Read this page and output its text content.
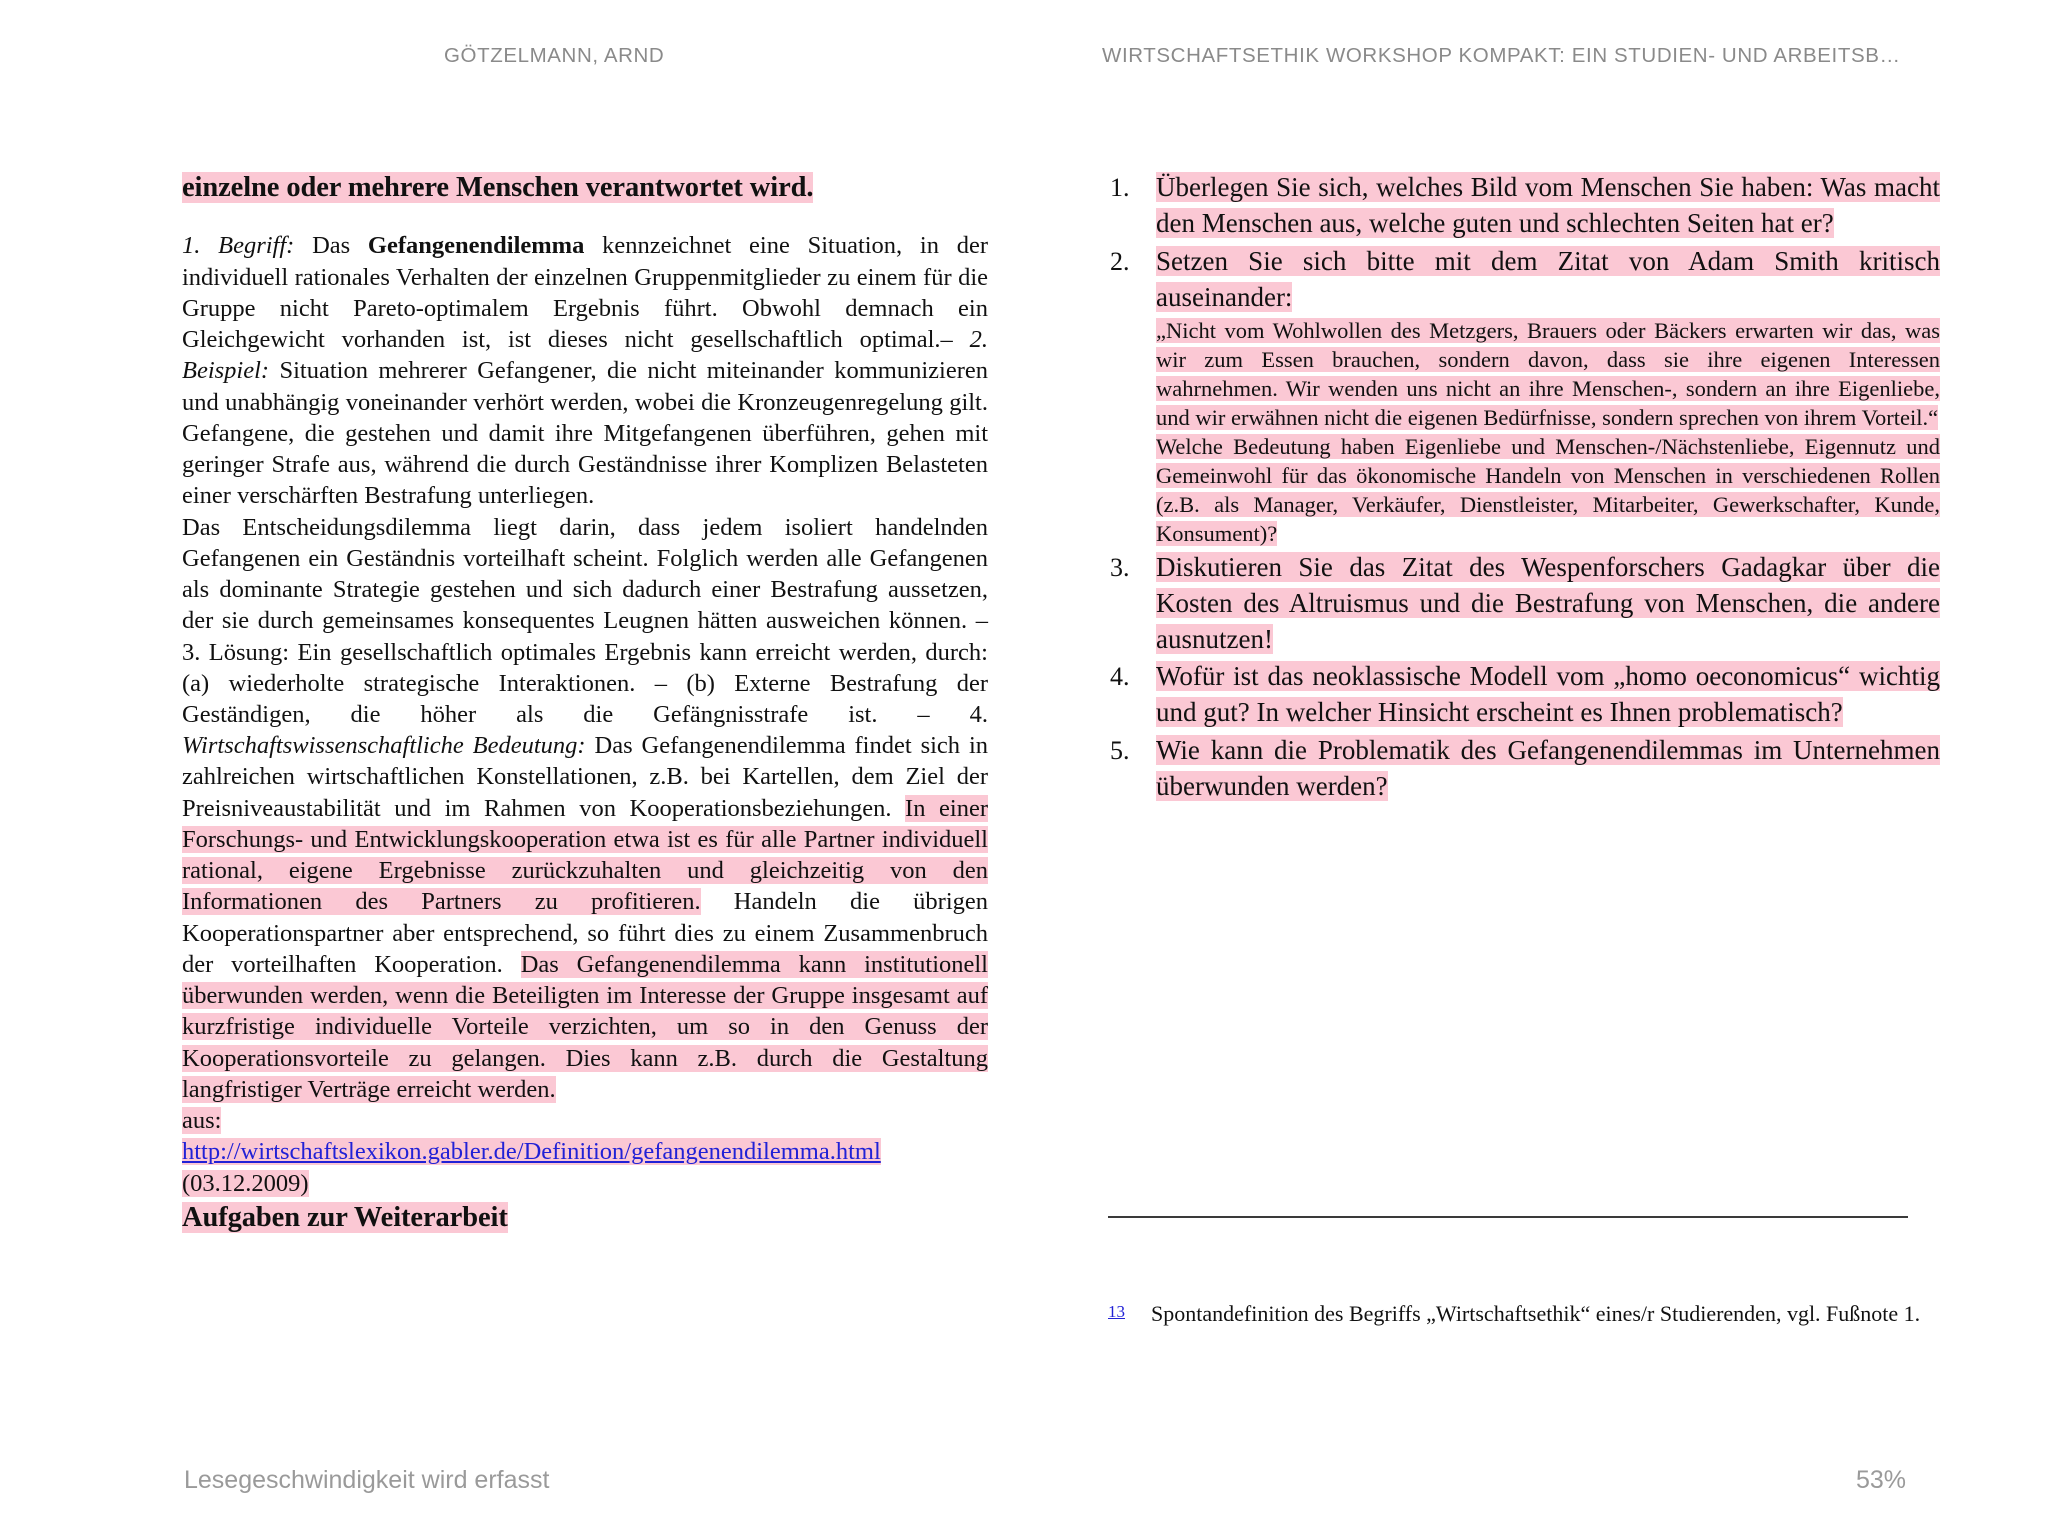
GÖTZELMANN, ARND	WIRTSCHAFTSETHIK WORKSHOP KOMPAKT: EIN STUDIEN- UND ARBEITSB…

einzelne oder mehrere Menschen verantwortet wird.

1. Begriff: Das Gefangenendilemma kennzeichnet eine Situation, in der individuell rationales Verhalten der einzelnen Gruppenmitglieder zu einem für die Gruppe nicht Pareto-optimalem Ergebnis führt. Obwohl demnach ein Gleichgewicht vorhanden ist, ist dieses nicht gesellschaftlich optimal.– 2. Beispiel: Situation mehrerer Gefangener, die nicht miteinander kommunizieren und unabhängig voneinander verhört werden, wobei die Kronzeugenregelung gilt. Gefangene, die gestehen und damit ihre Mitgefangenen überführen, gehen mit geringer Strafe aus, während die durch Geständnisse ihrer Komplizen Belasteten einer verschärften Bestrafung unterliegen.

Das Entscheidungsdilemma liegt darin, dass jedem isoliert handelnden Gefangenen ein Geständnis vorteilhaft scheint. Folglich werden alle Gefangenen als dominante Strategie gestehen und sich dadurch einer Bestrafung aussetzen, der sie durch gemeinsames konsequentes Leugnen hätten ausweichen können. – 3. Lösung: Ein gesellschaftlich optimales Ergebnis kann erreicht werden, durch: (a) wiederholte strategische Interaktionen. – (b) Externe Bestrafung der Geständigen, die höher als die Gefängnisstrafe ist. – 4. Wirtschaftswissenschaftliche Bedeutung: Das Gefangenendilemma findet sich in zahlreichen wirtschaftlichen Konstellationen, z.B. bei Kartellen, dem Ziel der Preisniveaustabilität und im Rahmen von Kooperationsbeziehungen. In einer Forschungs- und Entwicklungskooperation etwa ist es für alle Partner individuell rational, eigene Ergebnisse zurückzuhalten und gleichzeitig von den Informationen des Partners zu profitieren. Handeln die übrigen Kooperationspartner aber entsprechend, so führt dies zu einem Zusammenbruch der vorteilhaften Kooperation. Das Gefangenendilemma kann institutionell überwunden werden, wenn die Beteiligten im Interesse der Gruppe insgesamt auf kurzfristige individuelle Vorteile verzichten, um so in den Genuss der Kooperationsvorteile zu gelangen. Dies kann z.B. durch die Gestaltung langfristiger Verträge erreicht werden.

aus:

http://wirtschaftslexikon.gabler.de/Definition/gefangenendilemma.html

(03.12.2009)

Aufgaben zur Weiterarbeit

Überlegen Sie sich, welches Bild vom Menschen Sie haben: Was macht den Menschen aus, welche guten und schlechten Seiten hat er?

Setzen Sie sich bitte mit dem Zitat von Adam Smith kritisch auseinander:

„Nicht vom Wohlwollen des Metzgers, Brauers oder Bäckers erwarten wir das, was wir zum Essen brauchen, sondern davon, dass sie ihre eigenen Interessen wahrnehmen. Wir wenden uns nicht an ihre Menschen-, sondern an ihre Eigenliebe, und wir erwähnen nicht die eigenen Bedürfnisse, sondern sprechen von ihrem Vorteil.“

Welche Bedeutung haben Eigenliebe und Menschen-/Nächstenliebe, Eigennutz und Gemeinwohl für das ökonomische Handeln von Menschen in verschiedenen Rollen (z.B. als Manager, Verkäufer, Dienstleister, Mitarbeiter, Gewerkschafter, Kunde, Konsument)?

Diskutieren Sie das Zitat des Wespenforschers Gadagkar über die Kosten des Altruismus und die Bestrafung von Menschen, die andere ausnutzen!

Wofür ist das neoklassische Modell vom „homo oeconomicus“ wichtig und gut? In welcher Hinsicht erscheint es Ihnen problematisch?

Wie kann die Problematik des Gefangenendilemmas im Unternehmen überwunden werden?

13 Spontandefinition des Begriffs „Wirtschaftsethik“ eines/r Studierenden, vgl. Fußnote 1.
Lesegeschwindigkeit wird erfasst	53%
